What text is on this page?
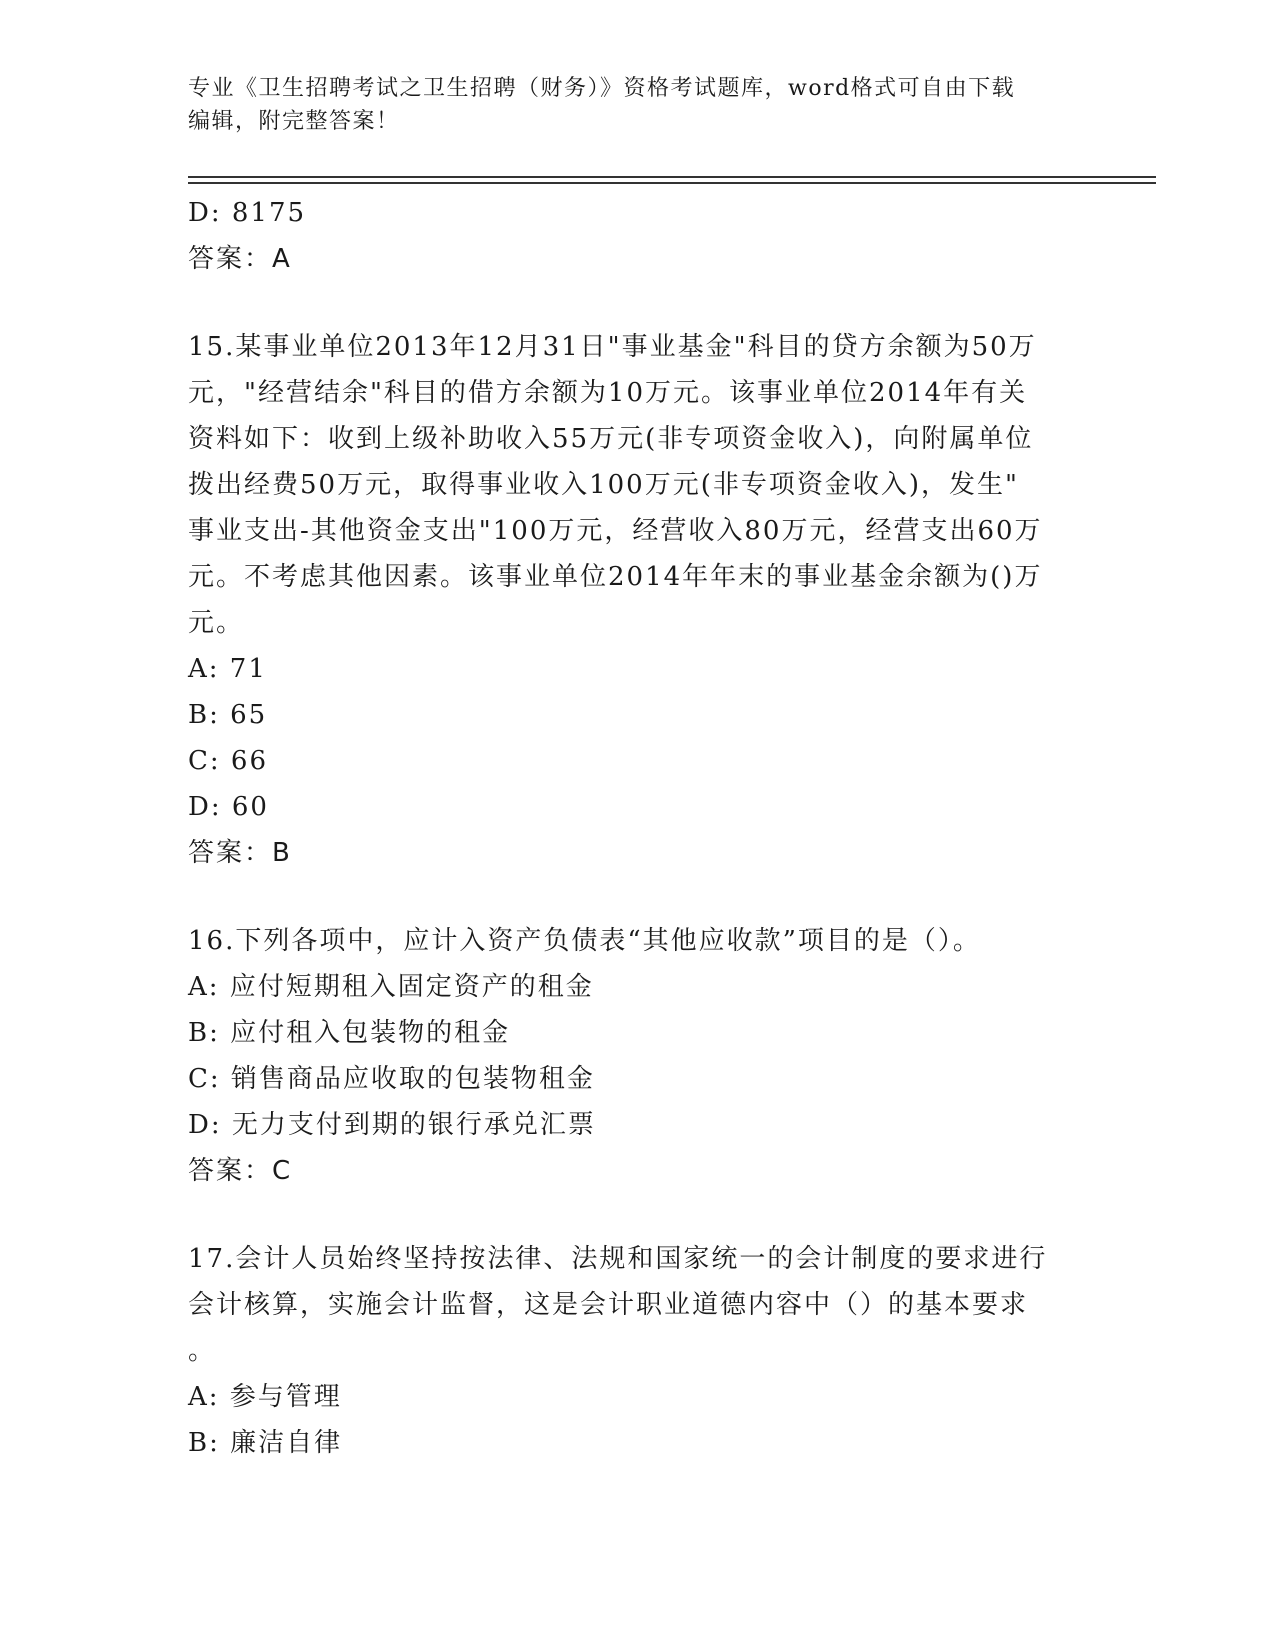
专业《卫生招聘考试之卫生招聘（财务）》资格考试题库，word格式可自由下载
编辑，附完整答案！
D: 8175
答案：A
15.某事业单位2013年12月31日"事业基金"科目的贷方余额为50万
元，"经营结余"科目的借方余额为10万元。该事业单位2014年有关
资料如下：收到上级补助收入55万元(非专项资金收入)，向附属单位
拨出经费50万元，取得事业收入100万元(非专项资金收入)，发生"
事业支出-其他资金支出"100万元，经营收入80万元，经营支出60万
元。不考虑其他因素。该事业单位2014年年末的事业基金余额为()万
元。
A: 71
B: 65
C: 66
D: 60
答案：B
16.下列各项中，应计入资产负债表“其他应收款”项目的是（）。
A: 应付短期租入固定资产的租金
B: 应付租入包装物的租金
C: 销售商品应收取的包装物租金
D: 无力支付到期的银行承兑汇票
答案：C
17.会计人员始终坚持按法律、法规和国家统一的会计制度的要求进行
会计核算，实施会计监督，这是会计职业道德内容中（）的基本要求
。
A: 参与管理
B: 廉洁自律
